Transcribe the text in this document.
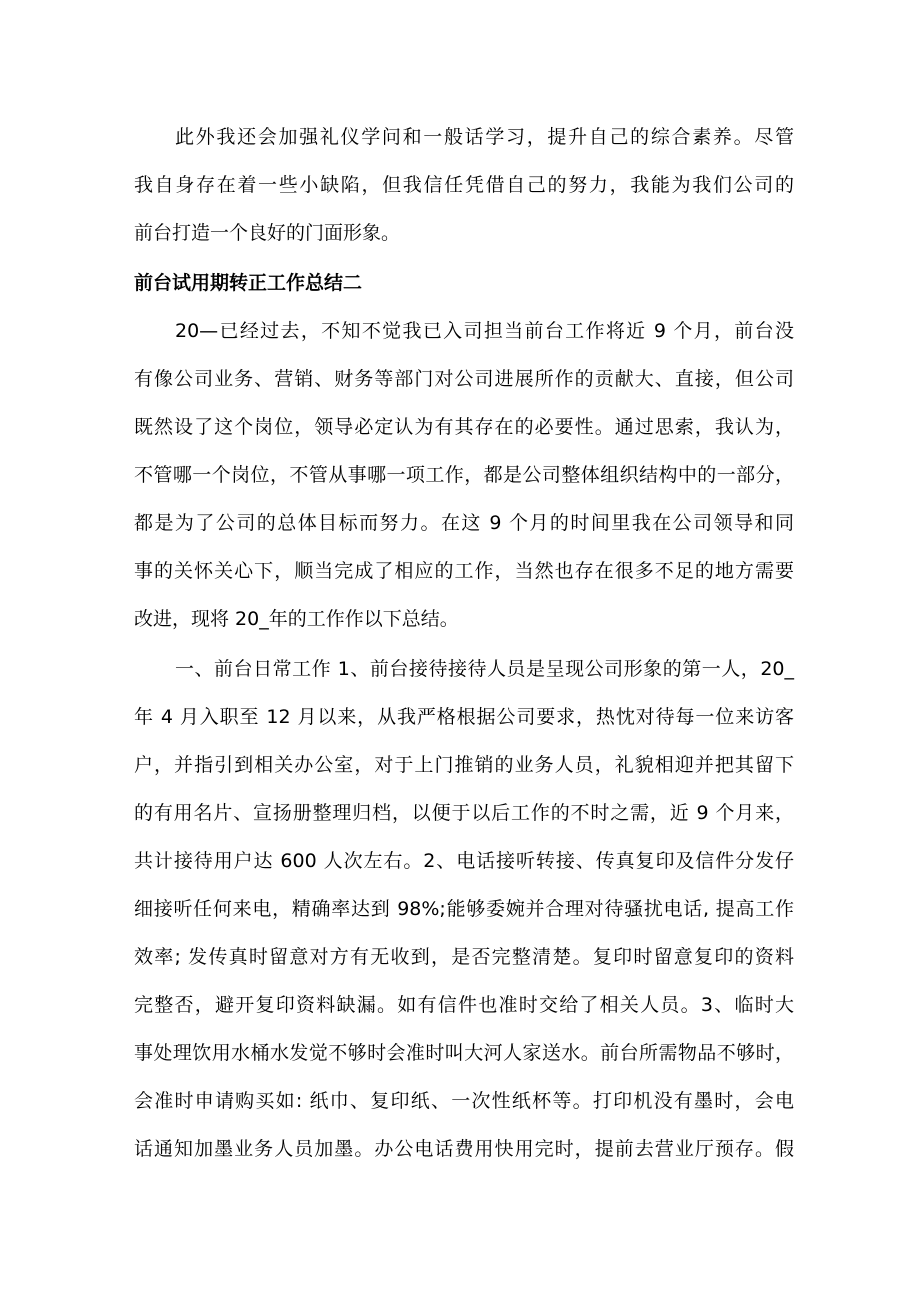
此外我还会加强礼仪学问和一般话学习，提升自己的综合素养。尽管
我自身存在着一些小缺陷，但我信任凭借自己的努力，我能为我们公司的
前台打造一个良好的门面形象。
前台试用期转正工作总结二
20—已经过去，不知不觉我已入司担当前台工作将近 9 个月，前台没
有像公司业务、营销、财务等部门对公司进展所作的贡献大、直接，但公司
既然设了这个岗位，领导必定认为有其存在的必要性。通过思索，我认为，
不管哪一个岗位，不管从事哪一项工作，都是公司整体组织结构中的一部分，
都是为了公司的总体目标而努力。在这 9 个月的时间里我在公司领导和同
事的关怀关心下，顺当完成了相应的工作，当然也存在很多不足的地方需要
改进，现将 20_年的工作作以下总结。
一、前台日常工作 1、前台接待接待人员是呈现公司形象的第一人，20_
年 4 月入职至 12 月以来，从我严格根据公司要求，热忱对待每一位来访客
户，并指引到相关办公室，对于上门推销的业务人员，礼貌相迎并把其留下
的有用名片、宣扬册整理归档，以便于以后工作的不时之需，近 9 个月来，
共计接待用户达 600 人次左右。2、电话接听转接、传真复印及信件分发仔
细接听任何来电，精确率达到 98%;能够委婉并合理对待骚扰电话, 提高工作
效率; 发传真时留意对方有无收到，是否完整清楚。复印时留意复印的资料
完整否，避开复印资料缺漏。如有信件也准时交给了相关人员。3、临时大
事处理饮用水桶水发觉不够时会准时叫大河人家送水。前台所需物品不够时，
会准时申请购买如: 纸巾、复印纸、一次性纸杯等。打印机没有墨时，会电
话通知加墨业务人员加墨。办公电话费用快用完时，提前去营业厅预存。假
